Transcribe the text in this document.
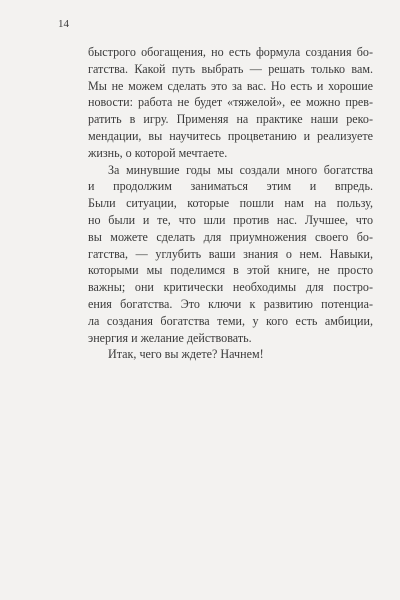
14
быстрого обогащения, но есть формула создания бо-
гатства. Какой путь выбрать — решать только вам.
Мы не можем сделать это за вас. Но есть и хорошие
новости: работа не будет «тяжелой», ее можно прев-
ратить в игру. Применяя на практике наши реко-
мендации, вы научитесь процветанию и реализуете
жизнь, о которой мечтаете.
За минувшие годы мы создали много богатства
и продолжим заниматься этим и впредь.
Были ситуации, которые пошли нам на пользу,
но были и те, что шли против нас. Лучшее, что
вы можете сделать для приумножения своего бо-
гатства, — углубить ваши знания о нем. Навыки,
которыми мы поделимся в этой книге, не просто
важны; они критически необходимы для постро-
ения богатства. Это ключи к развитию потенциа-
ла создания богатства теми, у кого есть амбиции,
энергия и желание действовать.
Итак, чего вы ждете? Начнем!
